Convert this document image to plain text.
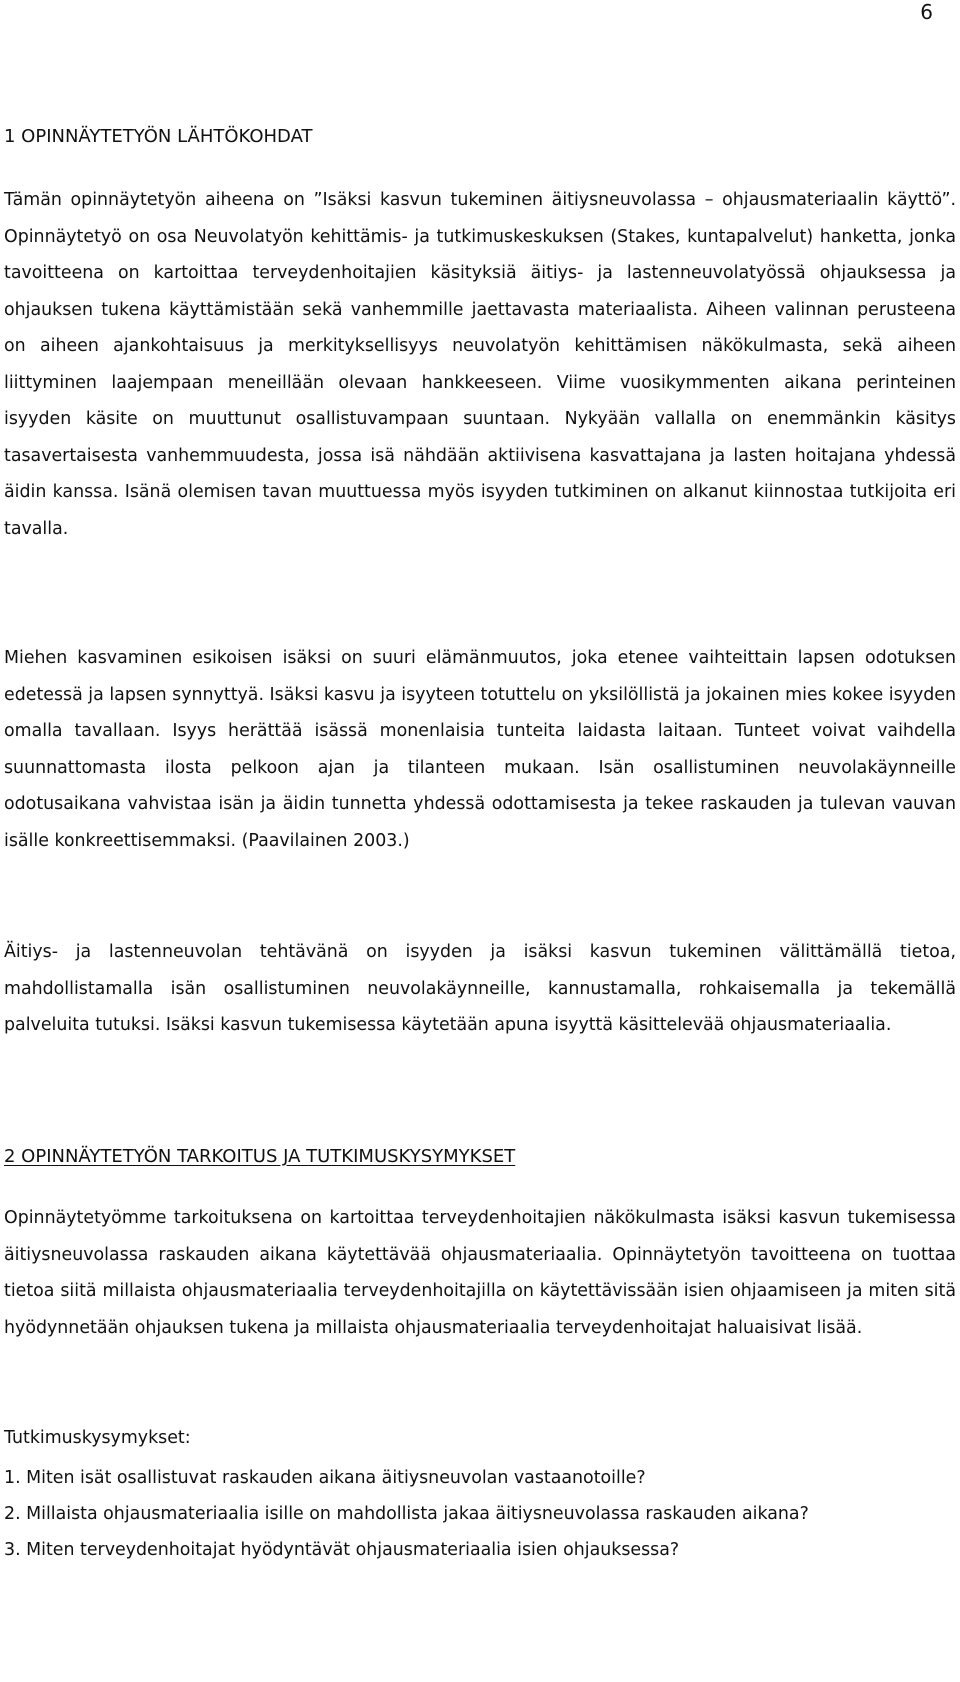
6
1 OPINNÄYTETYÖN LÄHTÖKOHDAT

Tämän opinnäytetyön aiheena on ”Isäksi kasvun tukeminen äitiysneuvolassa – ohjausmateriaalin käyttö”. Opinnäytetyö on osa Neuvolatyön kehittämis- ja tutkimuskeskuksen (Stakes, kuntapalvelut) hanketta, jonka tavoitteena on kartoittaa terveydenhoitajien käsityksiä äitiys- ja lastenneuvolatyössä ohjauksessa ja ohjauksen tukena käyttämistään sekä vanhemmille jaettavasta materiaalista. Aiheen valinnan perusteena on aiheen ajankohtaisuus ja merkityksellisyys neuvolatyön kehittämisen näkökulmasta, sekä aiheen liittyminen laajempaan meneillään olevaan hankkeeseen. Viime vuosikymmenten aikana perinteinen isyyden käsite on muuttunut osallistuvampaan suuntaan. Nykyään vallalla on enemmänkin käsitys tasavertaisesta vanhemmuudesta, jossa isä nähdään aktiivisena kasvattajana ja lasten hoitajana yhdessä äidin kanssa. Isänä olemisen tavan muuttuessa myös isyyden tutkiminen on alkanut kiinnostaa tutkijoita eri tavalla.

Miehen kasvaminen esikoisen isäksi on suuri elämänmuutos, joka etenee vaihteittain lapsen odotuksen edetessä ja lapsen synnyttyä. Isäksi kasvu ja isyyteen totuttelu on yksilöllistä ja jokainen mies kokee isyyden omalla tavallaan. Isyys herättää isässä monenlaisia tunteita laidasta laitaan. Tunteet voivat vaihdella suunnattomasta ilosta pelkoon ajan ja tilanteen mukaan. Isän osallistuminen neuvolakäynneille odotusaikana vahvistaa isän ja äidin tunnetta yhdessä odottamisesta ja tekee raskauden ja tulevan vauvan isälle konkreettisemmaksi. (Paavilainen 2003.)

Äitiys- ja lastenneuvolan tehtävänä on isyyden ja isäksi kasvun tukeminen välittämällä tietoa, mahdollistamalla isän osallistuminen neuvolakäynneille, kannustamalla, rohkaisemalla ja tekemällä palveluita tutuksi. Isäksi kasvun tukemisessa käytetään apuna isyyttä käsittelevää ohjausmateriaalia.

2 OPINNÄYTETYÖN TARKOITUS JA TUTKIMUSKYSYMYKSET

Opinnäytetyömme tarkoituksena on kartoittaa terveydenhoitajien näkökulmasta isäksi kasvun tukemisessa äitiysneuvolassa raskauden aikana käytettävää ohjausmateriaalia. Opinnäytetyön tavoitteena on tuottaa tietoa siitä millaista ohjausmateriaalia terveydenhoitajilla on käytettävissään isien ohjaamiseen ja miten sitä hyödynnetään ohjauksen tukena ja millaista ohjausmateriaalia terveydenhoitajat haluaisivat lisää.

Tutkimuskysymykset:
1. Miten isät osallistuvat raskauden aikana äitiysneuvolan vastaanotoille?
2. Millaista ohjausmateriaalia isille on mahdollista jakaa äitiysneuvolassa raskauden aikana?
3. Miten terveydenhoitajat hyödyntävät ohjausmateriaalia isien ohjauksessa?
